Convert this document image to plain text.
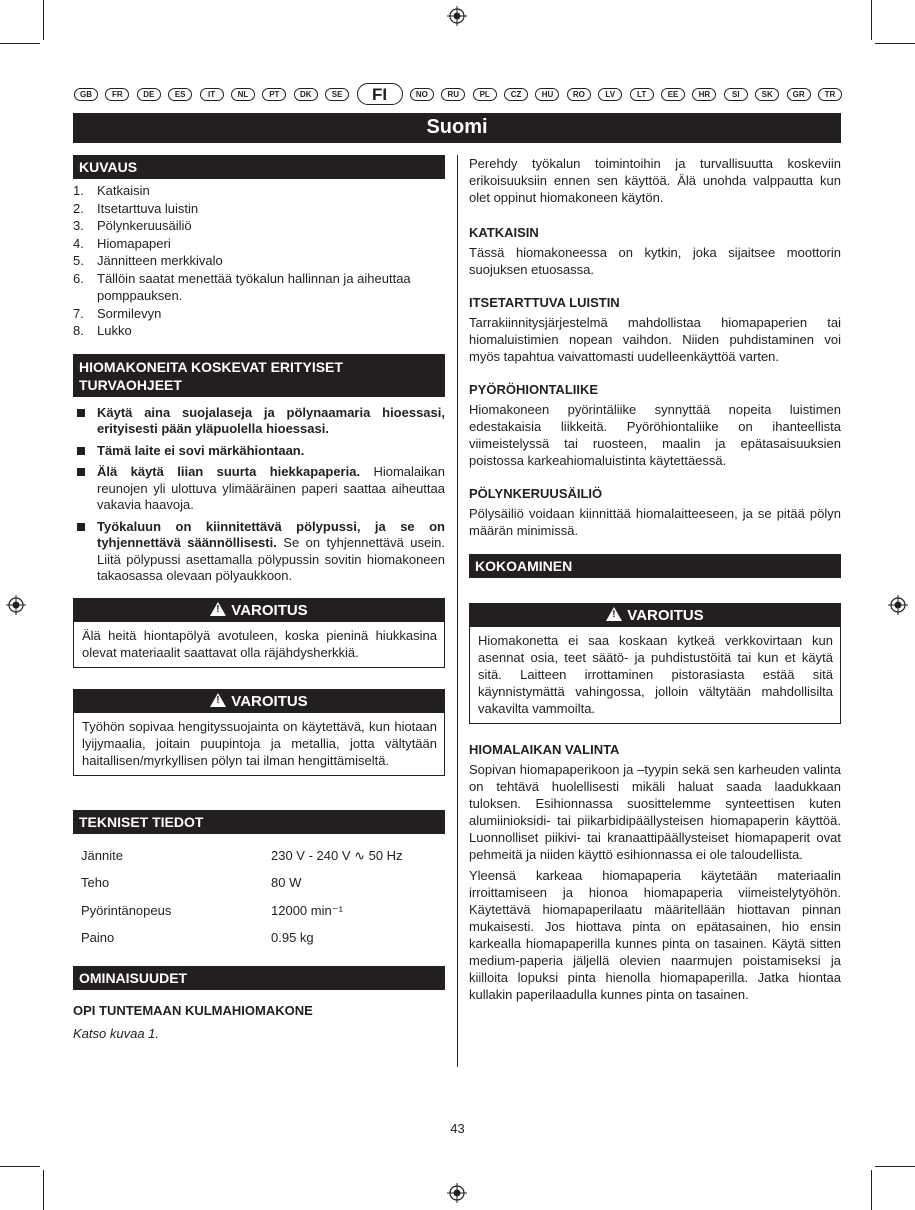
GB	FR	DE	ES	IT	NL	PT	DK	SE	FI	NO	RU	PL	CZ	HU	RO	LV	LT	EE	HR	SI	SK	GR	TR
Suomi
KUVAUS
1.	Katkaisin
2.	Itsetarttuva luistin
3.	Pölynkeruusäiliö
4.	Hiomapaperi
5.	Jännitteen merkkivalo
6.	Tällöin saatat menettää työkalun hallinnan ja aiheuttaa pomppauksen.
7.	Sormilevyn
8.	Lukko
HIOMAKONEITA KOSKEVAT ERITYISET TURVAOHJEET
Käytä aina suojalaseja ja pölynaamaria hioessasi, erityisesti pään yläpuolella hioessasi.
Tämä laite ei sovi märkähiontaan.
Älä käytä liian suurta hiekkapaperia. Hiomalaikan reunojen yli ulottuva ylimääräinen paperi saattaa aiheuttaa vakavia haavoja.
Työkaluun on kiinnitettävä pölypussi, ja se on tyhjennettävä säännöllisesti. Se on tyhjennettävä usein. Liitä pölypussi asettamalla pölypussin sovitin hiomakoneen takaosassa olevaan pölyaukkoon.
! VAROITUS
Älä heitä hiontapölyä avotuleen, koska pieninä hiukkasina olevat materiaalit saattavat olla räjähdysherkkiä.
! VAROITUS
Työhön sopivaa hengityssuojainta on käytettävä, kun hiotaan lyijymaalia, joitain puupintoja ja metallia, jotta vältytään haitallisen/myrkyllisen pölyn tai ilman hengittämiseltä.
TEKNISET TIEDOT
Jännite	230 V - 240 V ∿ 50 Hz
Teho	80 W
Pyörintänopeus	12000 min⁻¹
Paino	0.95 kg
OMINAISUUDET

OPI TUNTEMAAN KULMAHIOMAKONE

Katso kuvaa 1.

Perehdy työkalun toimintoihin ja turvallisuutta koskeviin erikoisuuksiin ennen sen käyttöä. Älä unohda valppautta kun olet oppinut hiomakoneen käytön.

KATKAISIN

Tässä hiomakoneessa on kytkin, joka sijaitsee moottorin suojuksen etuosassa.

ITSETARTTUVA LUISTIN

Tarrakiinnitysjärjestelmä mahdollistaa hiomapaperien tai hiomaluistimien nopean vaihdon. Niiden puhdistaminen voi myös tapahtua vaivattomasti uudelleenkäyttöä varten.

PYÖRÖHIONTALIIKE

Hiomakoneen pyörintäliike synnyttää nopeita luistimen edestakaisia liikkeitä. Pyöröhiontaliike on ihanteellista viimeistelyssä tai ruosteen, maalin ja epätasaisuuksien poistossa karkeahiomaluistinta käytettäessä.

PÖLYNKERUUSÄILIÖ

Pölysäiliö voidaan kiinnittää hiomalaitteeseen, ja se pitää pölyn määrän minimissä.

KOKOAMINEN
! VAROITUS
Hiomakonetta ei saa koskaan kytkeä verkkovirtaan kun asennat osia, teet säätö- ja puhdistustöitä tai kun et käytä sitä. Laitteen irrottaminen pistorasiasta estää sitä käynnistymättä vahingossa, jolloin vältytään mahdollisilta vakavilta vammoilta.

HIOMALAIKAN VALINTA

Sopivan hiomapaperikoon ja –tyypin sekä sen karheuden valinta on tehtävä huolellisesti mikäli haluat saada laadukkaan tuloksen. Esihionnassa suosittelemme synteettisen kuten alumiinioksidi- tai piikarbidipäällysteisen hiomapaperin käyttöä. Luonnolliset piikivi- tai kranaattipäällysteiset hiomapaperit ovat pehmeitä ja niiden käyttö esihionnassa ei ole taloudellista.

Yleensä karkeaa hiomapaperia käytetään materiaalin irroittamiseen ja hionoa hiomapaperia viimeistelytyöhön. Käytettävä hiomapaperilaatu määritellään hiottavan pinnan mukaisesti. Jos hiottava pinta on epätasainen, hio ensin karkealla hiomapaperilla kunnes pinta on tasainen. Käytä sitten medium-paperia jäljellä olevien naarmujen poistamiseksi ja kiilloita lopuksi pinta hienolla hiomapaperilla. Jatka hiontaa kullakin paperilaadulla kunnes pinta on tasainen.

43
